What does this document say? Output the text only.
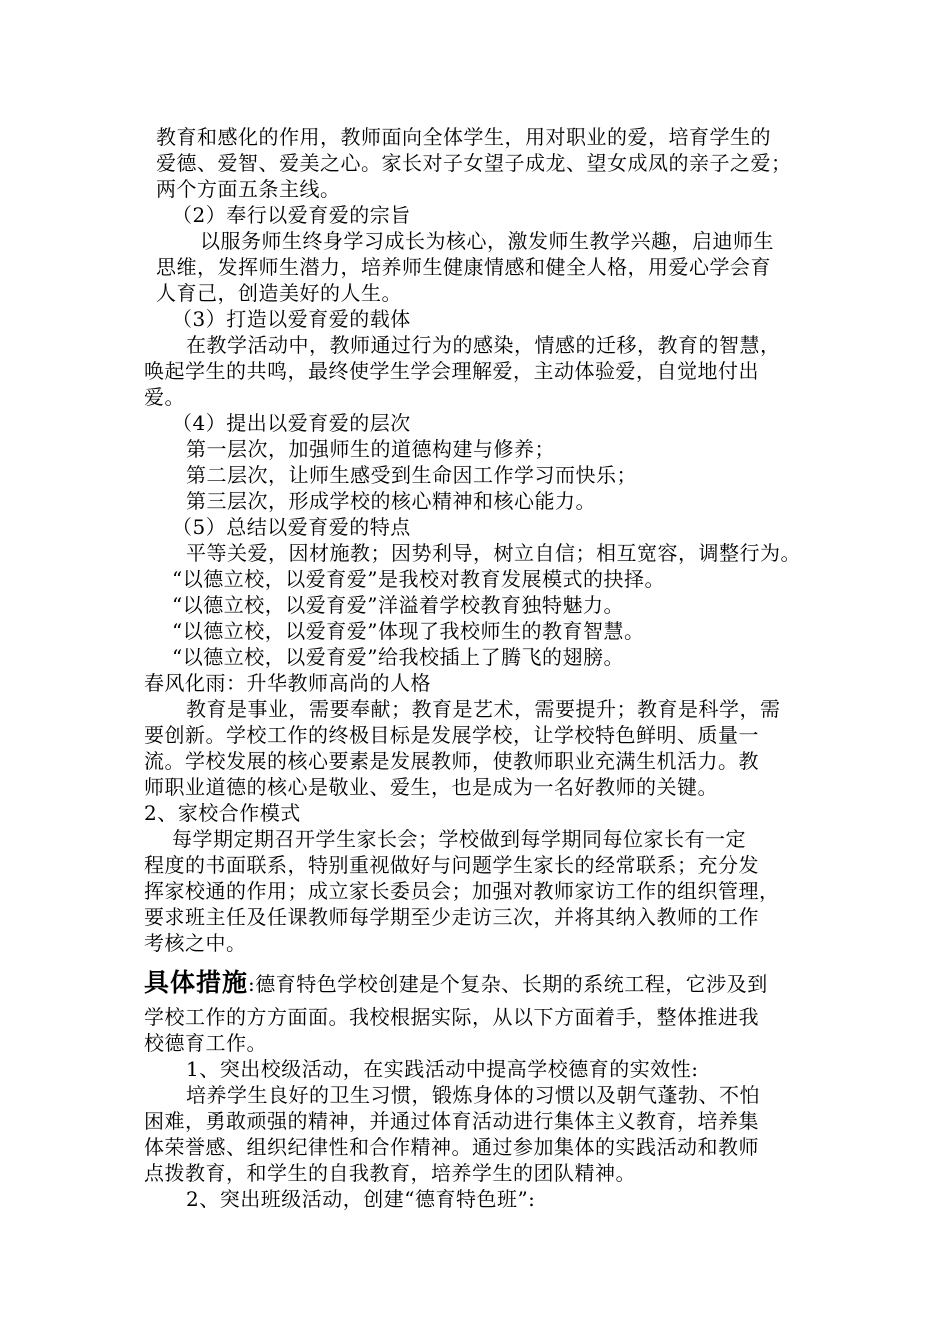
教育和感化的作用，教师面向全体学生，用对职业的爱，培育学生的
爱德、爱智、爱美之心。家长对子女望子成龙、望女成凤的亲子之爱；
两个方面五条主线。
（2）奉行以爱育爱的宗旨
以服务师生终身学习成长为核心，激发师生教学兴趣，启迪师生
思维，发挥师生潜力，培养师生健康情感和健全人格，用爱心学会育
人育己，创造美好的人生。
（3）打造以爱育爱的载体
在教学活动中，教师通过行为的感染，情感的迁移，教育的智慧，
唤起学生的共鸣，最终使学生学会理解爱，主动体验爱，自觉地付出
爱。
（4）提出以爱育爱的层次
第一层次，加强师生的道德构建与修养；
第二层次，让师生感受到生命因工作学习而快乐；
第三层次，形成学校的核心精神和核心能力。
（5）总结以爱育爱的特点
平等关爱，因材施教；因势利导，树立自信；相互宽容，调整行为。
“以德立校，以爱育爱”是我校对教育发展模式的抉择。
“以德立校，以爱育爱”洋溢着学校教育独特魅力。
“以德立校，以爱育爱”体现了我校师生的教育智慧。
“以德立校，以爱育爱”给我校插上了腾飞的翅膀。
春风化雨：升华教师高尚的人格
教育是事业，需要奉献；教育是艺术，需要提升；教育是科学，需
要创新。学校工作的终极目标是发展学校，让学校特色鲜明、质量一
流。学校发展的核心要素是发展教师，使教师职业充满生机活力。教
师职业道德的核心是敬业、爱生，也是成为一名好教师的关键。
2、家校合作模式
每学期定期召开学生家长会；学校做到每学期同每位家长有一定
程度的书面联系，特别重视做好与问题学生家长的经常联系；充分发
挥家校通的作用；成立家长委员会；加强对教师家访工作的组织管理，
要求班主任及任课教师每学期至少走访三次，并将其纳入教师的工作
考核之中。
具体措施:德育特色学校创建是个复杂、长期的系统工程，它涉及到
学校工作的方方面面。我校根据实际，从以下方面着手，整体推进我
校德育工作。
1、突出校级活动，在实践活动中提高学校德育的实效性:
培养学生良好的卫生习惯，锻炼身体的习惯以及朝气蓬勃、不怕
困难，勇敢顽强的精神，并通过体育活动进行集体主义教育，培养集
体荣誉感、组织纪律性和合作精神。通过参加集体的实践活动和教师
点拨教育，和学生的自我教育，培养学生的团队精神。
2、突出班级活动，创建“德育特色班”:
